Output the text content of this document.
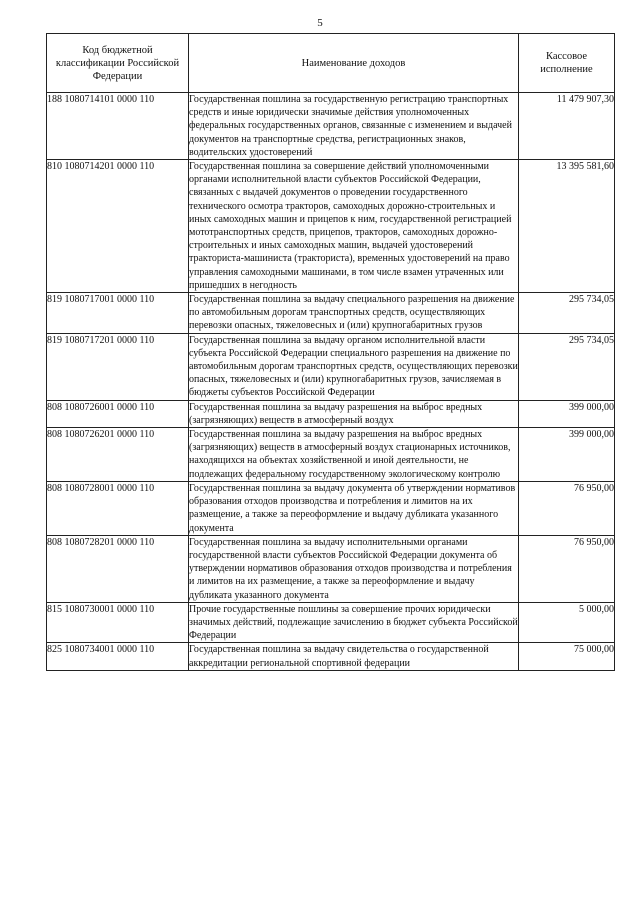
5
Код бюджетной классификации Российской Федерации	Наименование доходов	Кассовое исполнение
188 1080714101 0000 110	Государственная пошлина за государственную регистрацию транспортных средств и иные юридически значимые действия уполномоченных федеральных государственных органов, связанные с изменением и выдачей документов на транспортные средства, регистрационных знаков, водительских удостоверений	11 479 907,30
810 1080714201 0000 110	Государственная пошлина за совершение действий уполномоченными органами исполнительной власти субъектов Российской Федерации, связанных с выдачей документов о проведении государственного технического осмотра тракторов, самоходных дорожно-строительных и иных самоходных машин и прицепов к ним, государственной регистрацией мототранспортных средств, прицепов, тракторов, самоходных дорожно-строительных и иных самоходных машин, выдачей удостоверений тракториста-машиниста (тракториста), временных удостоверений на право управления самоходными машинами, в том числе взамен утраченных или пришедших в негодность	13 395 581,60
819 1080717001 0000 110	Государственная пошлина за выдачу специального разрешения на движение по автомобильным дорогам транспортных средств, осуществляющих перевозки опасных, тяжеловесных и (или) крупногабаритных грузов	295 734,05
819 1080717201 0000 110	Государственная пошлина за выдачу органом исполнительной власти субъекта Российской Федерации специального разрешения на движение по автомобильным дорогам транспортных средств, осуществляющих перевозки опасных, тяжеловесных и (или) крупногабаритных грузов, зачисляемая в бюджеты субъектов Российской Федерации	295 734,05
808 1080726001 0000 110	Государственная пошлина за выдачу разрешения на выброс вредных (загрязняющих) веществ в атмосферный воздух	399 000,00
808 1080726201 0000 110	Государственная пошлина за выдачу разрешения на выброс вредных (загрязняющих) веществ в атмосферный воздух стационарных источников, находящихся на объектах хозяйственной и иной деятельности, не подлежащих федеральному государственному экологическому контролю	399 000,00
808 1080728001 0000 110	Государственная пошлина за выдачу документа об утверждении нормативов образования отходов производства и потребления и лимитов на их размещение, а также за переоформление и выдачу дубликата указанного документа	76 950,00
808 1080728201 0000 110	Государственная пошлина за выдачу исполнительными органами государственной власти субъектов Российской Федерации документа об утверждении нормативов образования отходов производства и потребления и лимитов на их размещение, а также за переоформление и выдачу дубликата указанного документа	76 950,00
815 1080730001 0000 110	Прочие государственные пошлины за совершение прочих юридически значимых действий, подлежащие зачислению в бюджет субъекта Российской Федерации	5 000,00
825 1080734001 0000 110	Государственная пошлина за выдачу свидетельства о государственной аккредитации региональной спортивной федерации	75 000,00
